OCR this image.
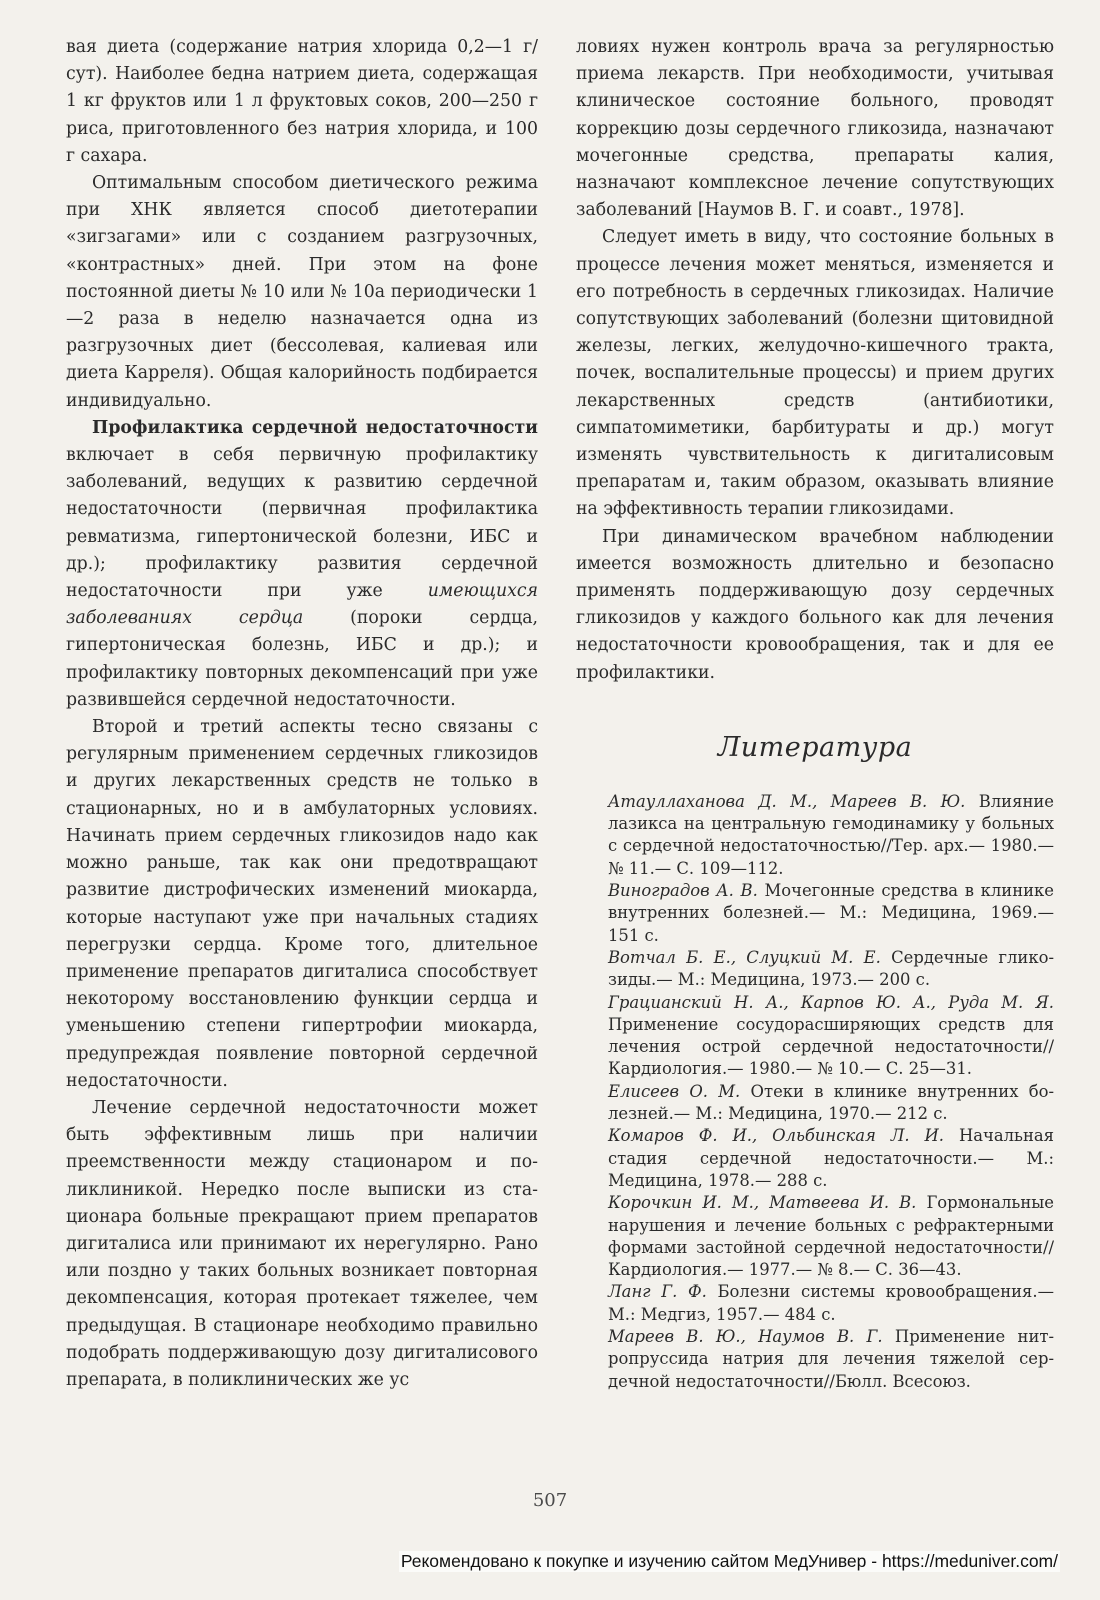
вая диета (содержание натрия хлорида 0,2—1 г/сут). Наиболее бедна натрием диета, содержащая 1 кг фруктов или 1 л фруктовых соков, 200—250 г риса, приготовленного без натрия хлорида, и 100 г сахара.

Оптимальным способом диетического режима при ХНК является способ диетотерапии «зигзагами» или с созданием разгрузочных, «контрастных» дней. При этом на фоне постоянной диеты № 10 или № 10а периодически 1—2 раза в неделю назначается одна из разгрузочных диет (бессолевая, калиевая или диета Карреля). Общая калорийность подбирается индивидуально.

Профилактика сердечной недостаточности включает в себя первичную профилактику заболеваний, ведущих к развитию сердечной недостаточности (первичная профилактика ревматизма, гипертонической болезни, ИБС и др.); профилактику развития сердечной недостаточности при уже имеющихся заболеваниях сердца (пороки сердца, гипертоническая болезнь, ИБС и др.); и профилактику повторных декомпенсаций при уже развившейся сердечной недостаточности.

Второй и третий аспекты тесно связаны с регулярным применением сердечных гликозидов и других лекарственных средств не только в стационарных, но и в амбулаторных условиях. Начинать прием сердечных гликозидов надо как можно раньше, так как они предотвращают развитие дистрофических изменений миокарда, которые наступают уже при начальных стадиях перегрузки сердца. Кроме того, длительное применение препаратов дигиталиса способствует некоторому восстановлению функции сердца и уменьшению степени гипертрофии миокарда, предупреждая появление повторной сердечной недостаточности.

Лечение сердечной недостаточности может быть эффективным лишь при наличии преемственности между стационаром и поликлиникой. Нередко после выписки из стационара больные прекращают прием препаратов дигиталиса или принимают их нерегулярно. Рано или поздно у таких больных возникает повторная декомпенсация, которая протекает тяжелее, чем предыдущая. В стационаре необходимо правильно подобрать поддерживающую дозу дигиталисового препарата, в поликлинических же ус

ловиях нужен контроль врача за регулярностью приема лекарств. При необходимости, учитывая клиническое состояние больного, проводят коррекцию дозы сердечного гликозида, назначают мочегонные средства, препараты калия, назначают комплексное лечение сопутствующих заболеваний [Наумов В. Г. и соавт., 1978].

Следует иметь в виду, что состояние больных в процессе лечения может меняться, изменяется и его потребность в сердечных гликозидах. Наличие сопутствующих заболеваний (болезни щитовидной железы, легких, желудочно-кишечного тракта, почек, воспалительные процессы) и прием других лекарственных средств (антибиотики, симпатомиметики, барбитураты и др.) могут изменять чувствительность к дигиталисовым препаратам и, таким образом, оказывать влияние на эффективность терапии гликозидами.

При динамическом врачебном наблюдении имеется возможность длительно и безопасно применять поддерживающую дозу сердечных гликозидов у каждого больного как для лечения недостаточности кровообращения, так и для ее профилактики.

Литература

Атауллаханова Д. М., Мареев В. Ю. Влияние лазикса на центральную гемодинамику у больных с сердечной недостаточностью//Тер. арх.— 1980.— № 11.— С. 109—112.

Виноградов А. В. Мочегонные средства в клинике внутренних болезней.— М.: Медицина, 1969.— 151 с.

Вотчал Б. Е., Слуцкий М. Е. Сердечные гликозиды.— М.: Медицина, 1973.— 200 с.

Грацианский Н. А., Карпов Ю. А., Руда М. Я. Применение сосудорасширяющих средств для лечения острой сердечной недостаточности//Кардиология.— 1980.— № 10.— С. 25—31.

Елисеев О. М. Отеки в клинике внутренних болезней.— М.: Медицина, 1970.— 212 с.

Комаров Ф. И., Ольбинская Л. И. Начальная стадия сердечной недостаточности.— М.: Медицина, 1978.— 288 с.

Корочкин И. М., Матвеева И. В. Гормональные нарушения и лечение больных с рефрактерными формами застойной сердечной недостаточности//Кардиология.— 1977.— № 8.— С. 36—43.

Ланг Г. Ф. Болезни системы кровообращения.— М.: Медгиз, 1957.— 484 с.

Мареев В. Ю., Наумов В. Г. Применение нитропруссида натрия для лечения тяжелой сердечной недостаточности//Бюлл. Всесоюз.

507
Рекомендовано к покупке и изучению сайтом МедУнивер - https://meduniver.com/
